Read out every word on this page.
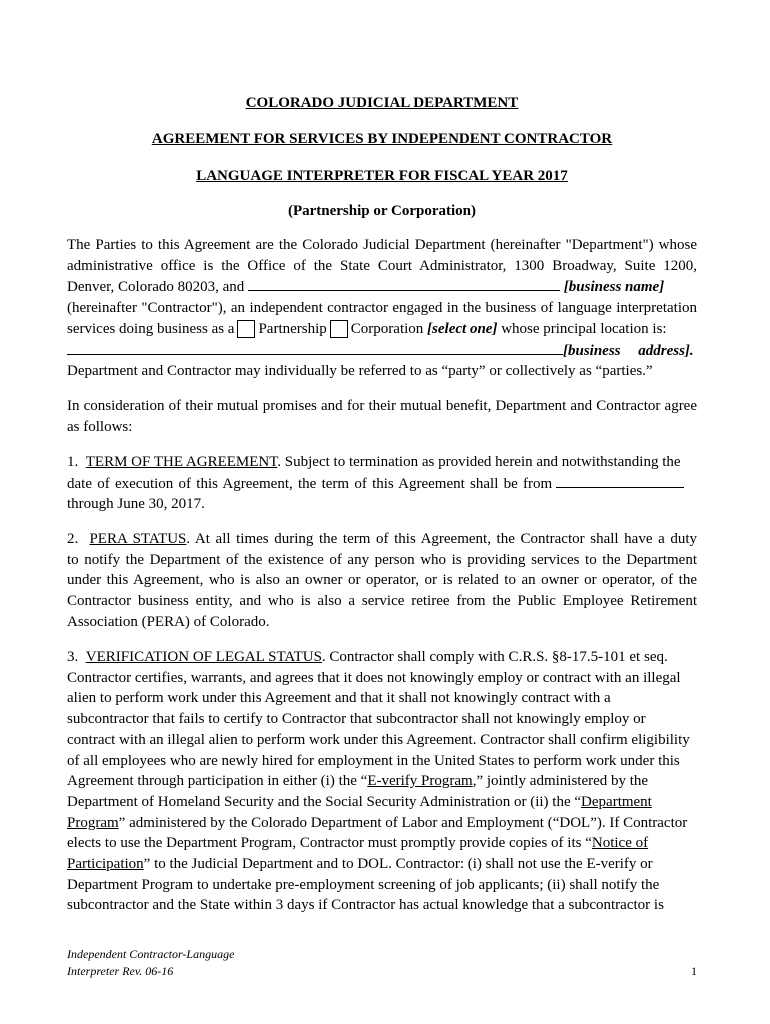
COLORADO JUDICIAL DEPARTMENT
AGREEMENT FOR SERVICES BY INDEPENDENT CONTRACTOR
LANGUAGE INTERPRETER FOR FISCAL YEAR 2017
(Partnership or Corporation)
The Parties to this Agreement are the Colorado Judicial Department (hereinafter "Department") whose
administrative office is the Office of the State Court Administrator, 1300 Broadway, Suite 1200,
Denver, Colorado 80203, and	[business name]
(hereinafter "Contractor"), an independent contractor engaged in the business of language interpretation
services doing business as a Partnership Corporation [select one] whose principal location is:
[business address].
Department and Contractor may individually be referred to as “party” or collectively as “parties.”
In consideration of their mutual promises and for their mutual benefit, Department and Contractor agree
as follows:
1. TERM OF THE AGREEMENT. Subject to termination as provided herein and notwithstanding the
date of execution of this Agreement, the term of this Agreement shall be from
through June 30, 2017.
2. PERA STATUS. At all times during the term of this Agreement, the Contractor shall have a duty
to notify the Department of the existence of any person who is providing services to the Department
under this Agreement, who is also an owner or operator, or is related to an owner or operator, of the
Contractor business entity, and who is also a service retiree from the Public Employee Retirement
Association (PERA) of Colorado.
3. VERIFICATION OF LEGAL STATUS. Contractor shall comply with C.R.S. §8-17.5-101 et seq.
Contractor certifies, warrants, and agrees that it does not knowingly employ or contract with an illegal
alien to perform work under this Agreement and that it shall not knowingly contract with a
subcontractor that fails to certify to Contractor that subcontractor shall not knowingly employ or
contract with an illegal alien to perform work under this Agreement. Contractor shall confirm eligibility
of all employees who are newly hired for employment in the United States to perform work under this
Agreement through participation in either (i) the “E-verify Program,” jointly administered by the
Department of Homeland Security and the Social Security Administration or (ii) the “Department
Program” administered by the Colorado Department of Labor and Employment (“DOL”). If Contractor
elects to use the Department Program, Contractor must promptly provide copies of its “Notice of
Participation” to the Judicial Department and to DOL. Contractor: (i) shall not use the E-verify or
Department Program to undertake pre-employment screening of job applicants; (ii) shall notify the
subcontractor and the State within 3 days if Contractor has actual knowledge that a subcontractor is
Independent Contractor-Language
Interpreter Rev. 06-16	1
